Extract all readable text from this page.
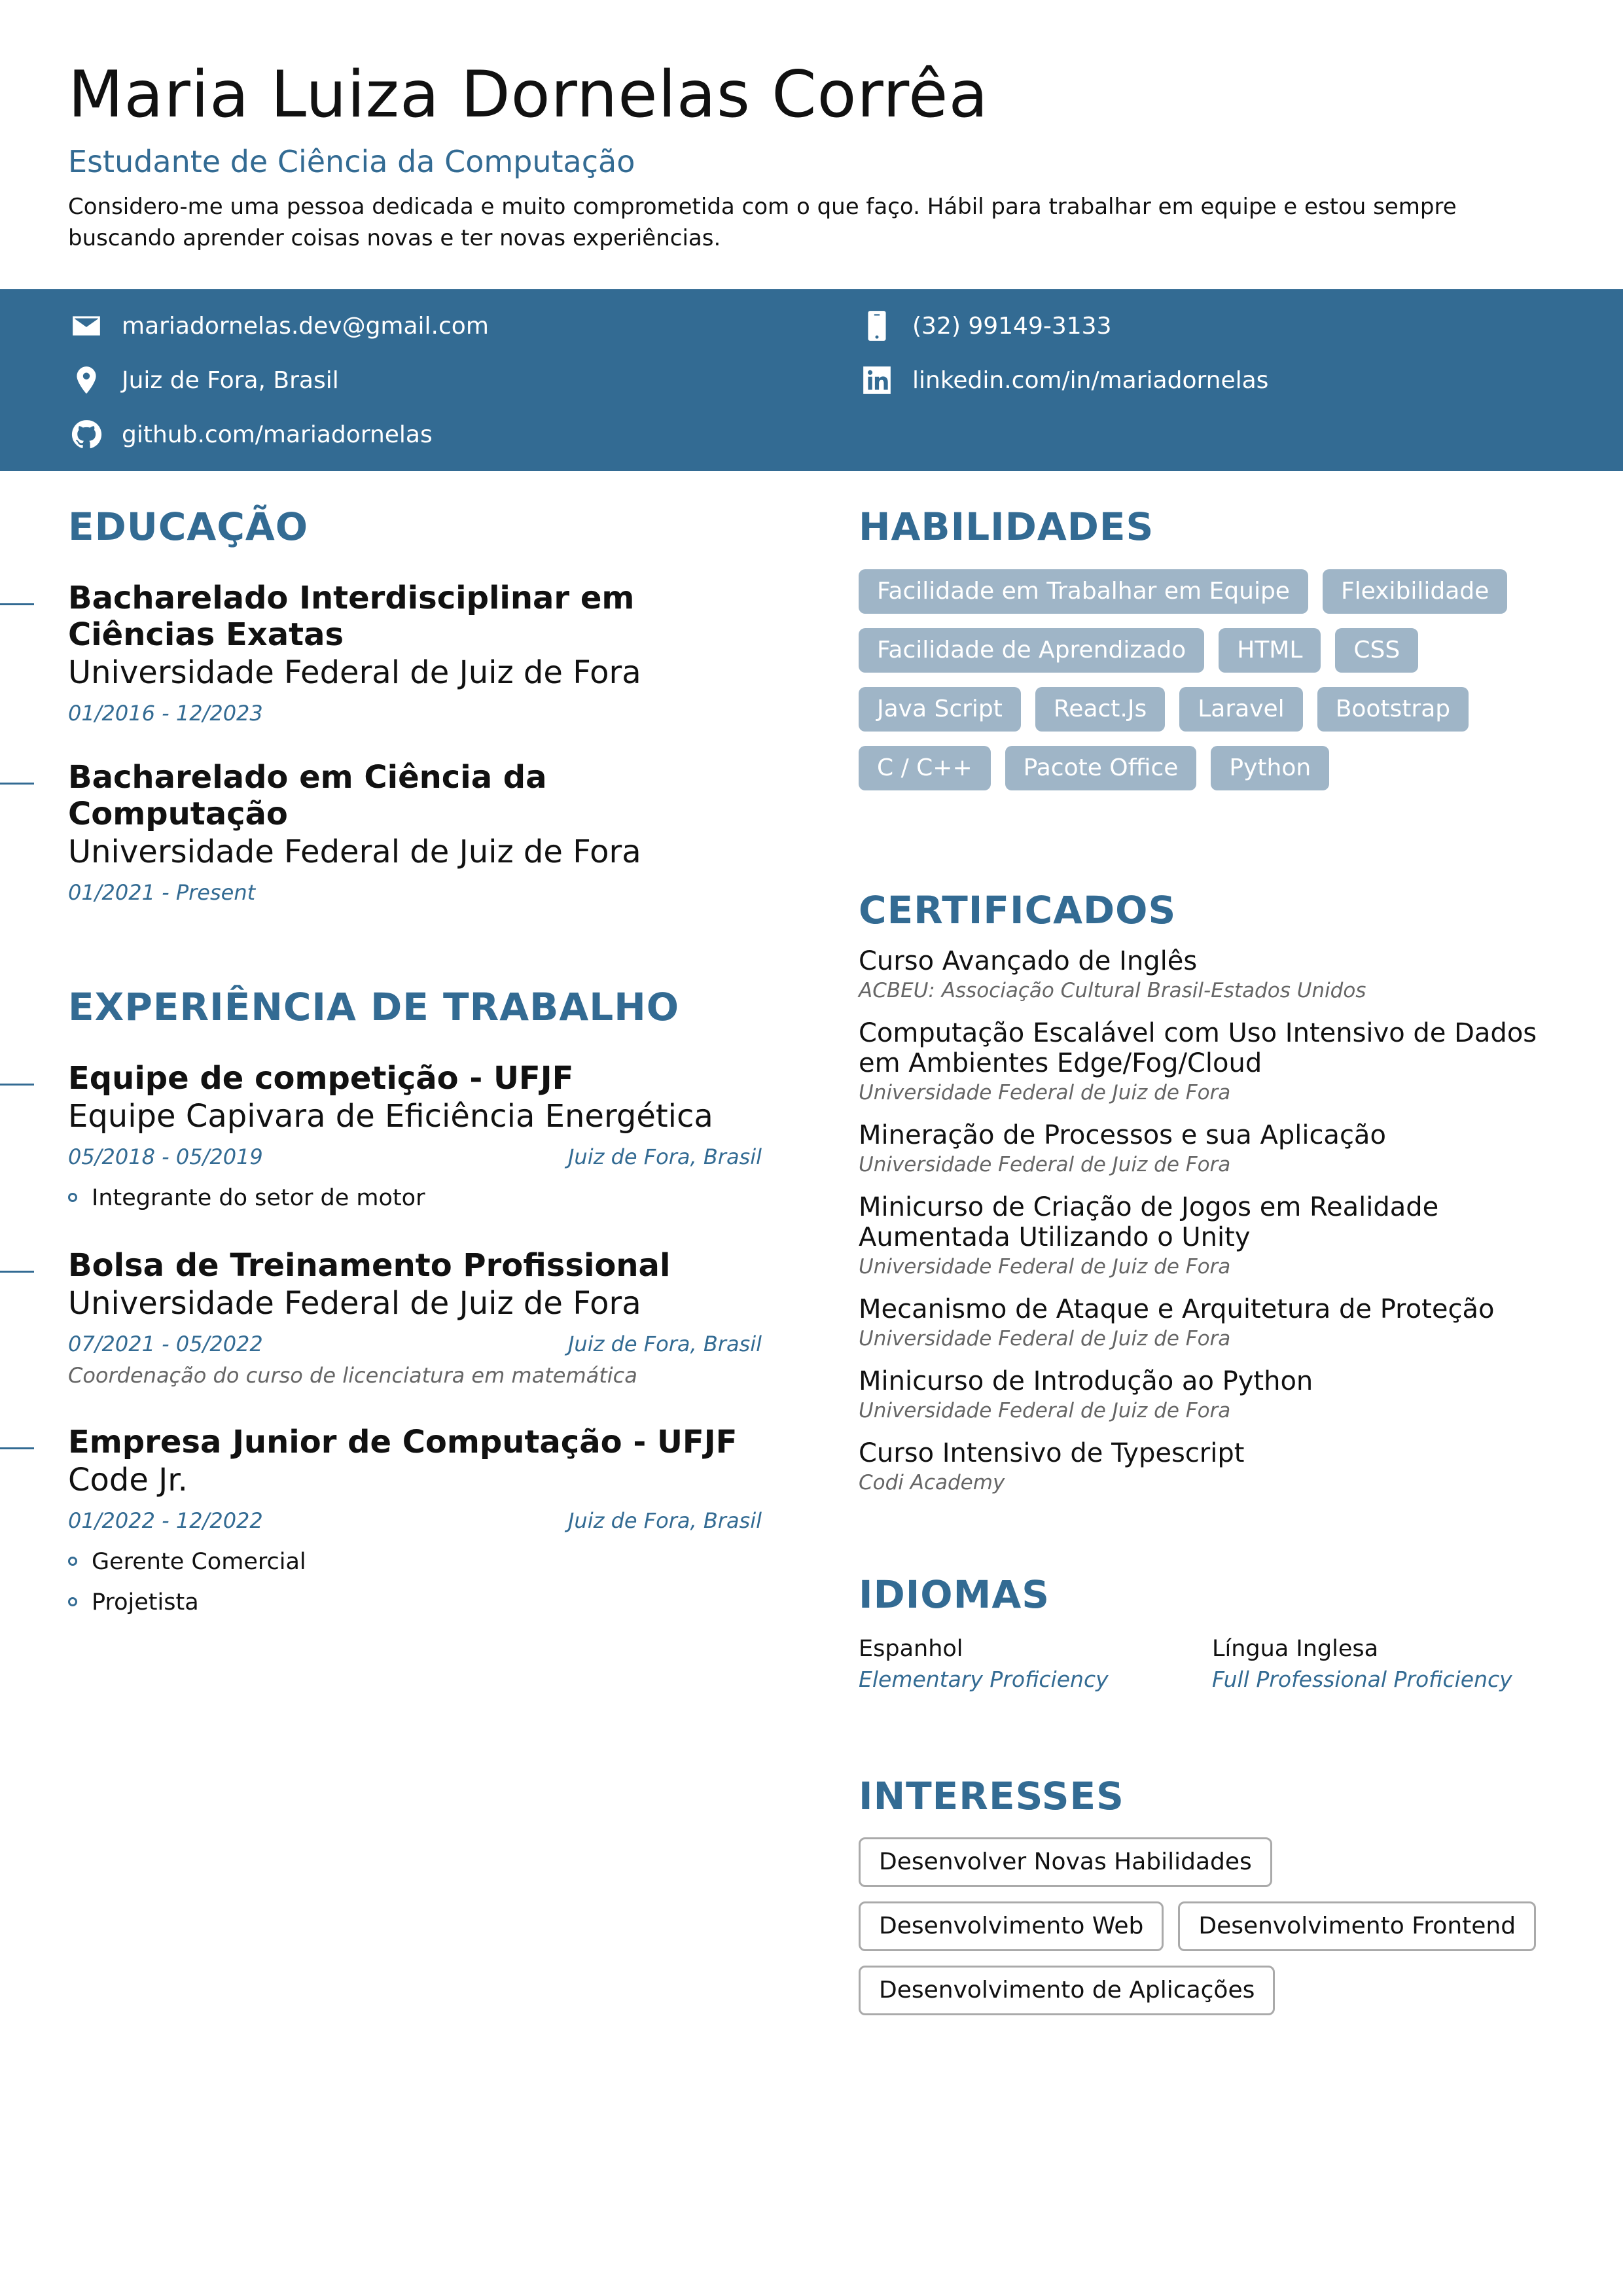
Maria Luiza Dornelas Corrêa
Estudante de Ciência da Computação
Considero-me uma pessoa dedicada e muito comprometida com o que faço. Hábil para trabalhar em equipe e estou sempre buscando aprender coisas novas e ter novas experiências.
mariadornelas.dev@gmail.com
Juiz de Fora, Brasil
github.com/mariadornelas
(32) 99149-3133
linkedin.com/in/mariadornelas
EDUCAÇÃO
Bacharelado Interdisciplinar em Ciências Exatas
Universidade Federal de Juiz de Fora
01/2016 - 12/2023
Bacharelado em Ciência da Computação
Universidade Federal de Juiz de Fora
01/2021 - Present
EXPERIÊNCIA DE TRABALHO
Equipe de competição - UFJF
Equipe Capivara de Eficiência Energética
05/2018 - 05/2019	Juiz de Fora, Brasil
Integrante do setor de motor
Bolsa de Treinamento Profissional
Universidade Federal de Juiz de Fora
07/2021 - 05/2022	Juiz de Fora, Brasil
Coordenação do curso de licenciatura em matemática
Empresa Junior de Computação - UFJF
Code Jr.
01/2022 - 12/2022	Juiz de Fora, Brasil
Gerente Comercial
Projetista
HABILIDADES
Facilidade em Trabalhar em Equipe	Flexibilidade
Facilidade de Aprendizado	HTML	CSS
Java Script	React.Js	Laravel	Bootstrap
C / C++	Pacote Office	Python
CERTIFICADOS
Curso Avançado de Inglês
ACBEU: Associação Cultural Brasil-Estados Unidos
Computação Escalável com Uso Intensivo de Dados em Ambientes Edge/Fog/Cloud
Universidade Federal de Juiz de Fora
Mineração de Processos e sua Aplicação
Universidade Federal de Juiz de Fora
Minicurso de Criação de Jogos em Realidade Aumentada Utilizando o Unity
Universidade Federal de Juiz de Fora
Mecanismo de Ataque e Arquitetura de Proteção
Universidade Federal de Juiz de Fora
Minicurso de Introdução ao Python
Universidade Federal de Juiz de Fora
Curso Intensivo de Typescript
Codi Academy
IDIOMAS
Espanhol
Elementary Proficiency
Língua Inglesa
Full Professional Proficiency
INTERESSES
Desenvolver Novas Habilidades
Desenvolvimento Web	Desenvolvimento Frontend
Desenvolvimento de Aplicações
